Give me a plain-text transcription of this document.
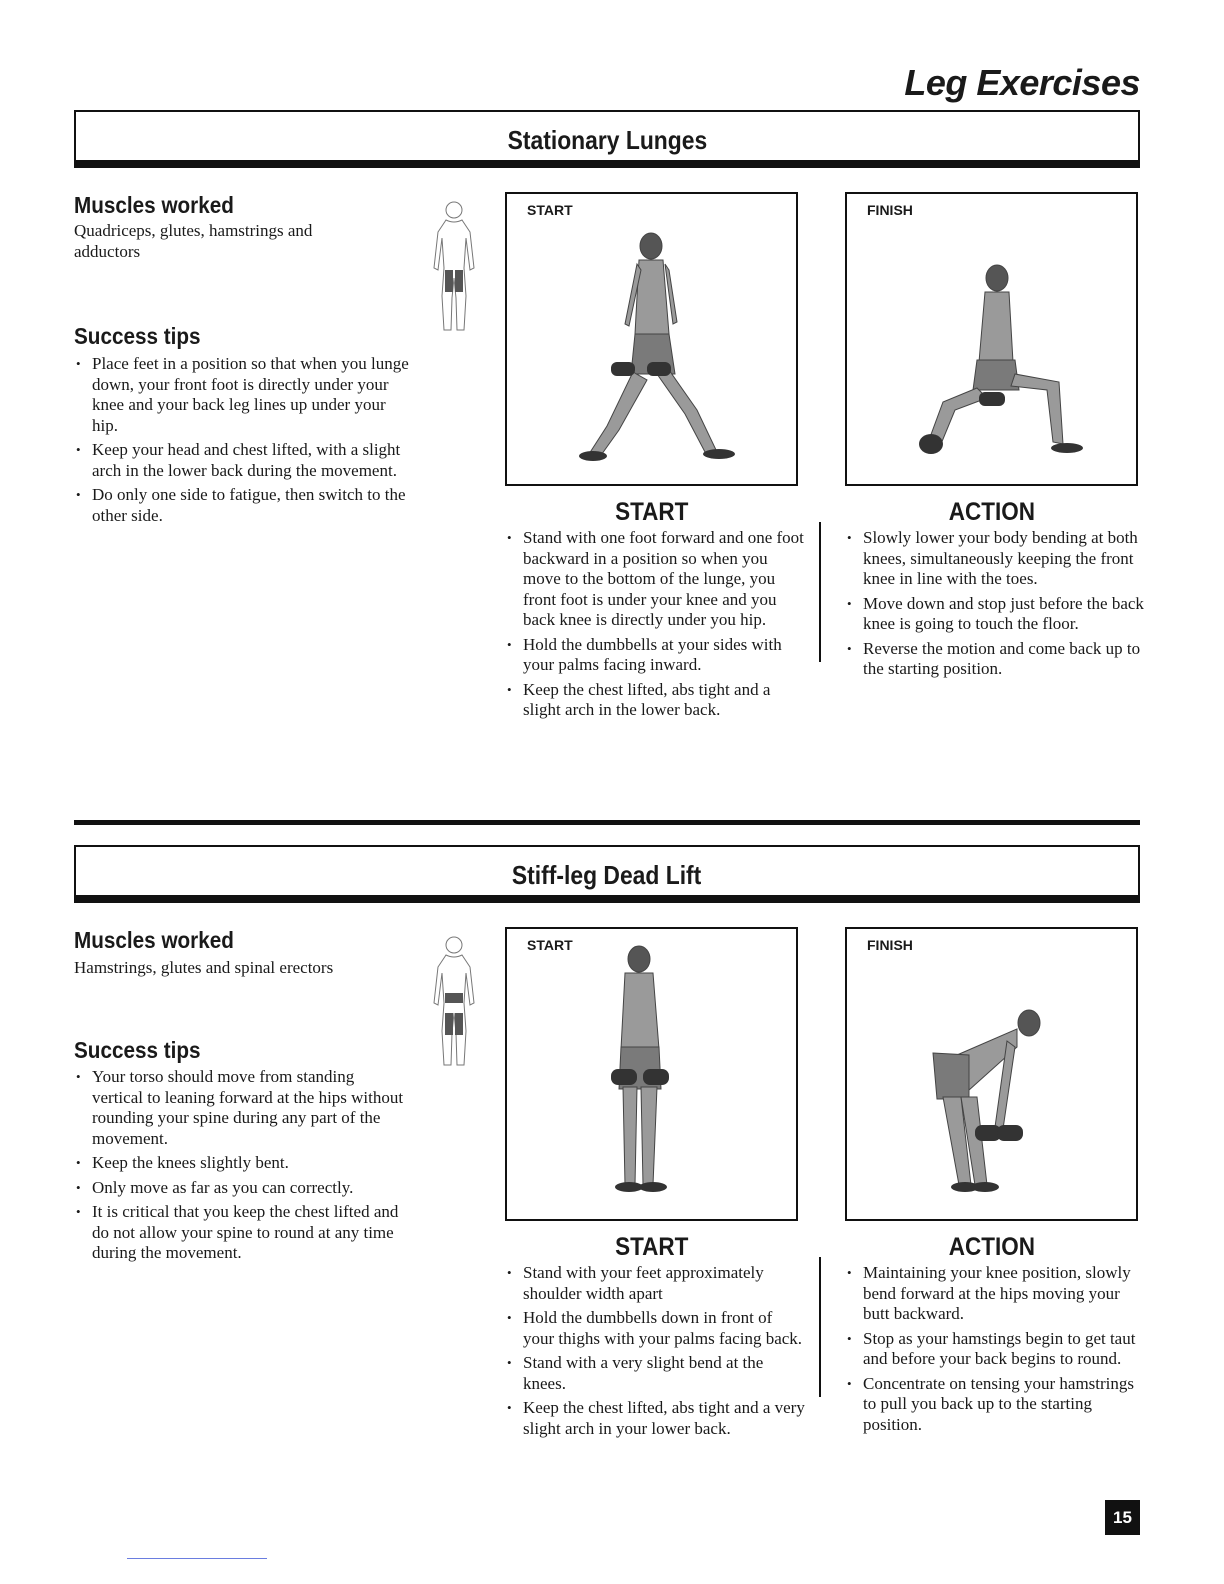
Leg Exercises
Stationary Lunges
Muscles worked
Quadriceps, glutes, hamstrings and adductors
Success tips
• Place feet in a position so that when you lunge down, your front foot is directly under your knee and your back leg lines up under your hip.
• Keep your head and chest lifted, with a slight arch in the lower back during the movement.
• Do only one side to fatigue, then switch to the other side.
START	FINISH
START
• Stand with one foot forward and one foot backward in a position so when you move to the bottom of the lunge, you front foot is under your knee and you back knee is directly under you hip.
• Hold the dumbbells at your sides with your palms facing inward.
• Keep the chest lifted, abs tight and a slight arch in the lower back.
ACTION
• Slowly lower your body bending at both knees, simultaneously keeping the front knee in line with the toes.
• Move down and stop just before the back knee is going to touch the floor.
• Reverse the motion and come back up to the starting position.
Stiff-leg Dead Lift
Muscles worked
Hamstrings, glutes and spinal erectors
Success tips
• Your torso should move from standing vertical to leaning forward at the hips without rounding your spine during any part of the movement.
• Keep the knees slightly bent.
• Only move as far as you can correctly.
• It is critical that you keep the chest lifted and do not allow your spine to round at any time during the movement.
START	FINISH
START
• Stand with your feet approximately shoulder width apart
• Hold the dumbbells down in front of your thighs with your palms facing back.
• Stand with a very slight bend at the knees.
• Keep the chest lifted, abs tight and a very slight arch in your lower back.
ACTION
• Maintaining your knee position, slowly bend forward at the hips moving your butt backward.
• Stop as your hamstings begin to get taut and before your back begins to round.
• Concentrate on tensing your hamstrings to pull you back up to the starting position.
15
